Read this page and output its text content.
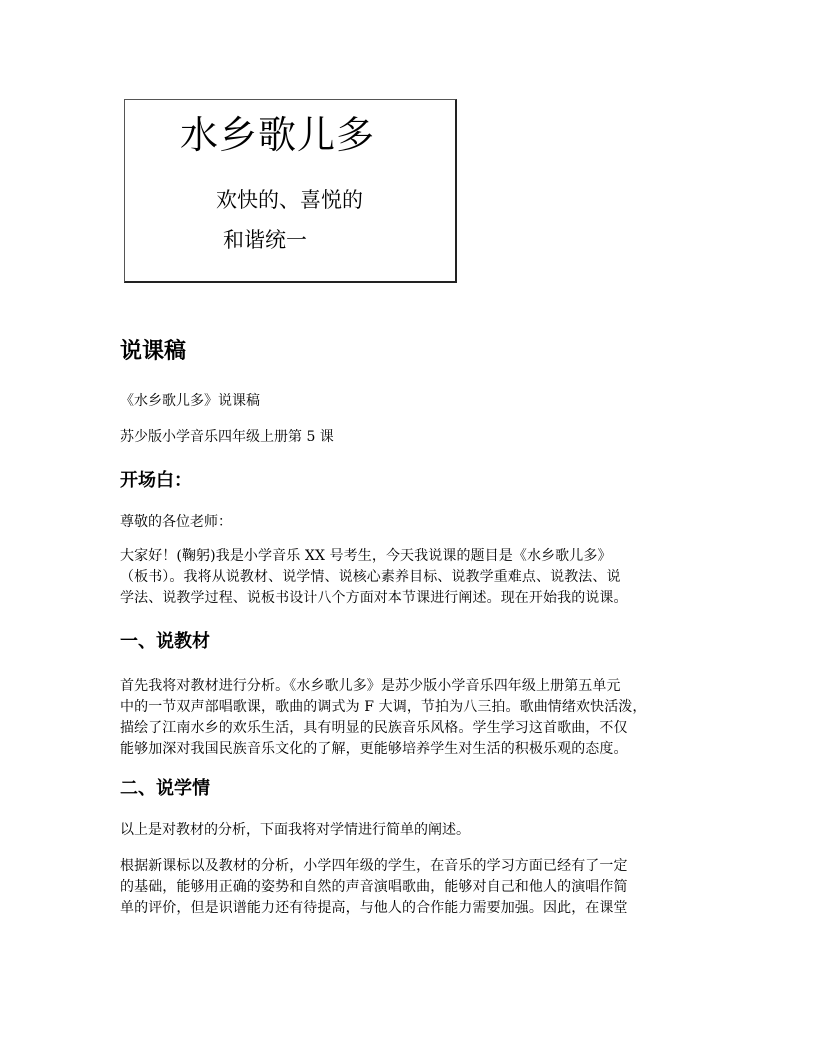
水乡歌儿多
欢快的、喜悦的
和谐统一
说课稿
《水乡歌儿多》说课稿
苏少版小学音乐四年级上册第 5 课
开场白：
尊敬的各位老师：
大家好！(鞠躬)我是小学音乐 XX 号考生，今天我说课的题目是《水乡歌儿多》
（板书）。我将从说教材、说学情、说核心素养目标、说教学重难点、说教法、说
学法、说教学过程、说板书设计八个方面对本节课进行阐述。现在开始我的说课。
一、说教材
首先我将对教材进行分析。《水乡歌儿多》是苏少版小学音乐四年级上册第五单元
中的一节双声部唱歌课，歌曲的调式为 F 大调，节拍为八三拍。歌曲情绪欢快活泼，
描绘了江南水乡的欢乐生活，具有明显的民族音乐风格。学生学习这首歌曲，不仅
能够加深对我国民族音乐文化的了解，更能够培养学生对生活的积极乐观的态度。
二、说学情
以上是对教材的分析，下面我将对学情进行简单的阐述。
根据新课标以及教材的分析，小学四年级的学生，在音乐的学习方面已经有了一定
的基础，能够用正确的姿势和自然的声音演唱歌曲，能够对自己和他人的演唱作简
单的评价，但是识谱能力还有待提高，与他人的合作能力需要加强。因此，在课堂
